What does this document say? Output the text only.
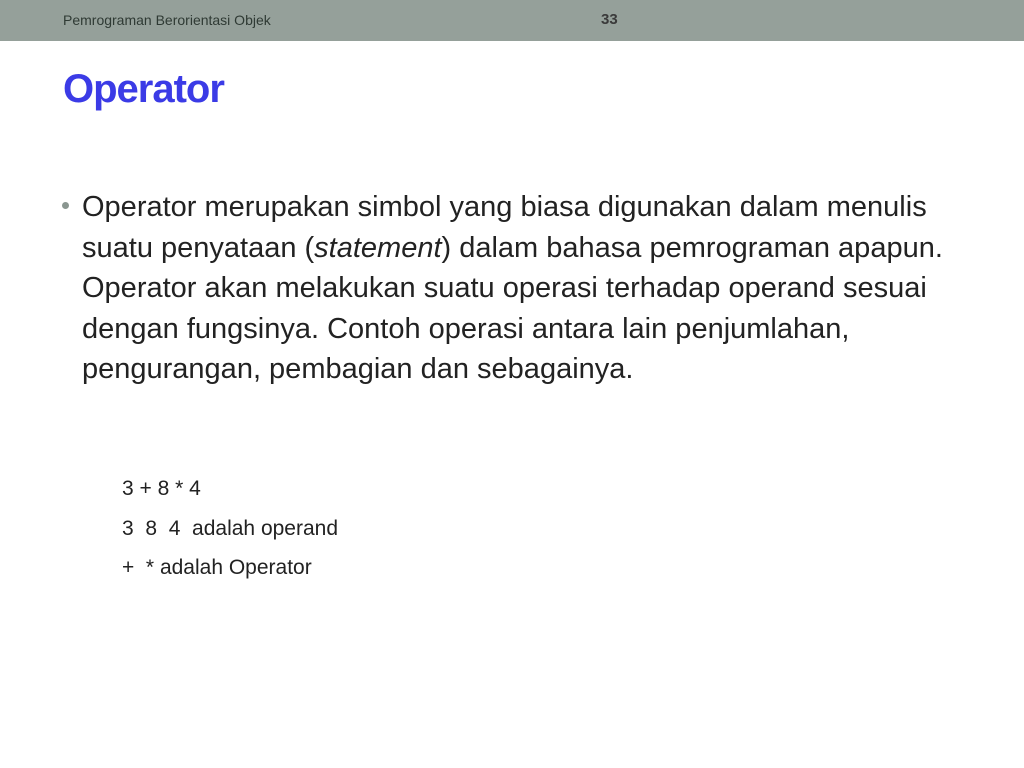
Pemrograman Berorientasi Objek	33
Operator

Operator merupakan simbol yang biasa digunakan dalam menulis suatu penyataan (statement) dalam bahasa pemrograman apapun. Operator akan melakukan suatu operasi terhadap operand sesuai dengan fungsinya. Contoh operasi antara lain penjumlahan, pengurangan, pembagian dan sebagainya.

3 + 8 * 4
3  8  4  adalah operand
+  * adalah Operator
